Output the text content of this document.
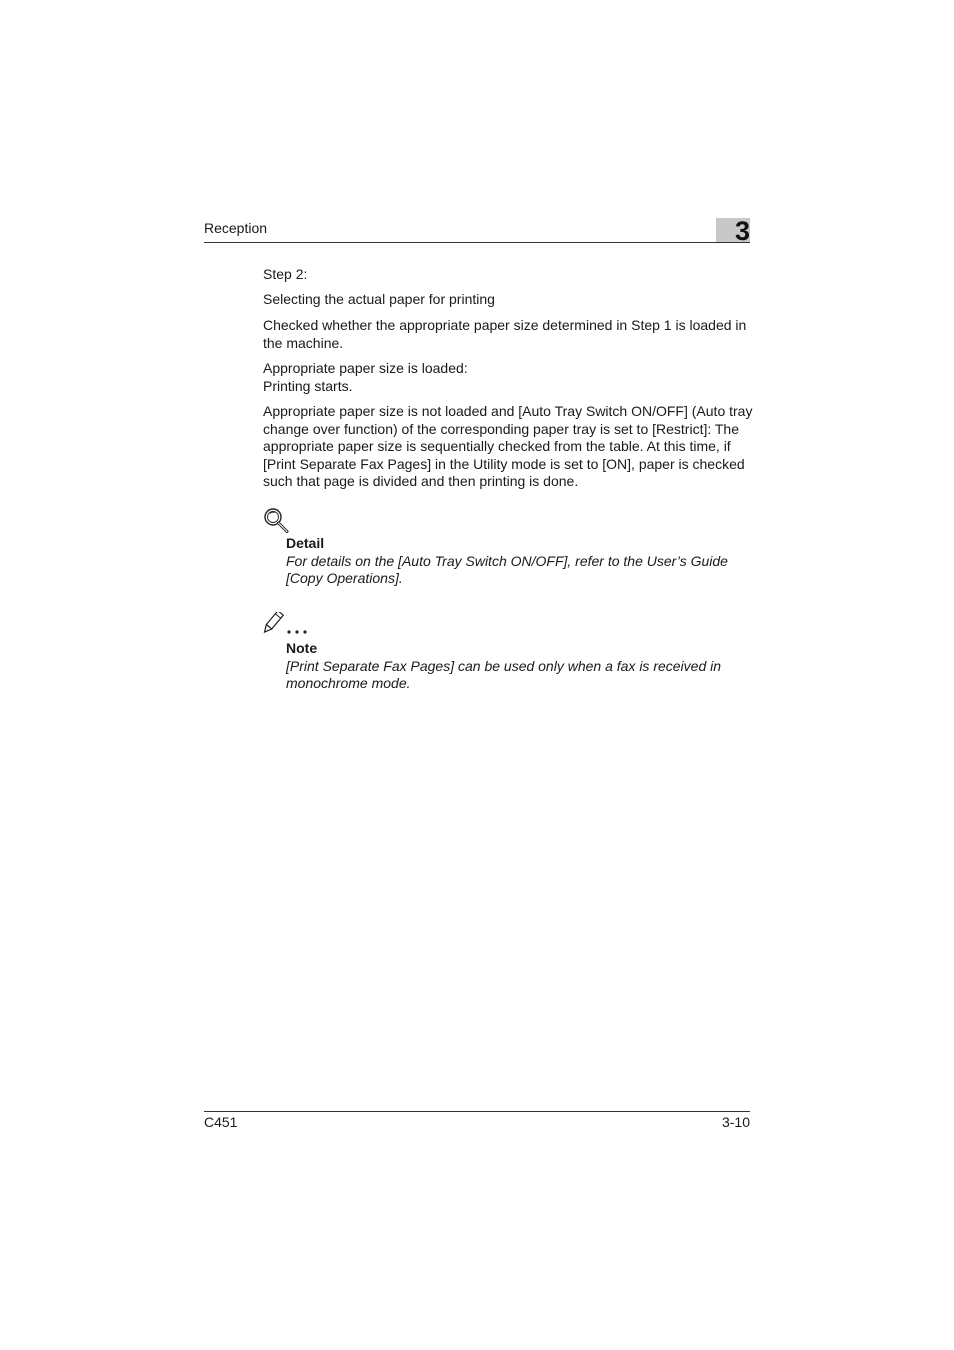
Reception	3

Step 2:

Selecting the actual paper for printing

Checked whether the appropriate paper size determined in Step 1 is loaded in the machine.

Appropriate paper size is loaded:

Printing starts.

Appropriate paper size is not loaded and [Auto Tray Switch ON/OFF] (Auto tray change over function) of the corresponding paper tray is set to [Restrict]: The appropriate paper size is sequentially checked from the table. At this time, if [Print Separate Fax Pages] in the Utility mode is set to [ON], paper is checked such that page is divided and then printing is done.

Detail
For details on the [Auto Tray Switch ON/OFF], refer to the User’s Guide [Copy Operations].
Note
[Print Separate Fax Pages] can be used only when a fax is received in monochrome mode.
C451	3-10
